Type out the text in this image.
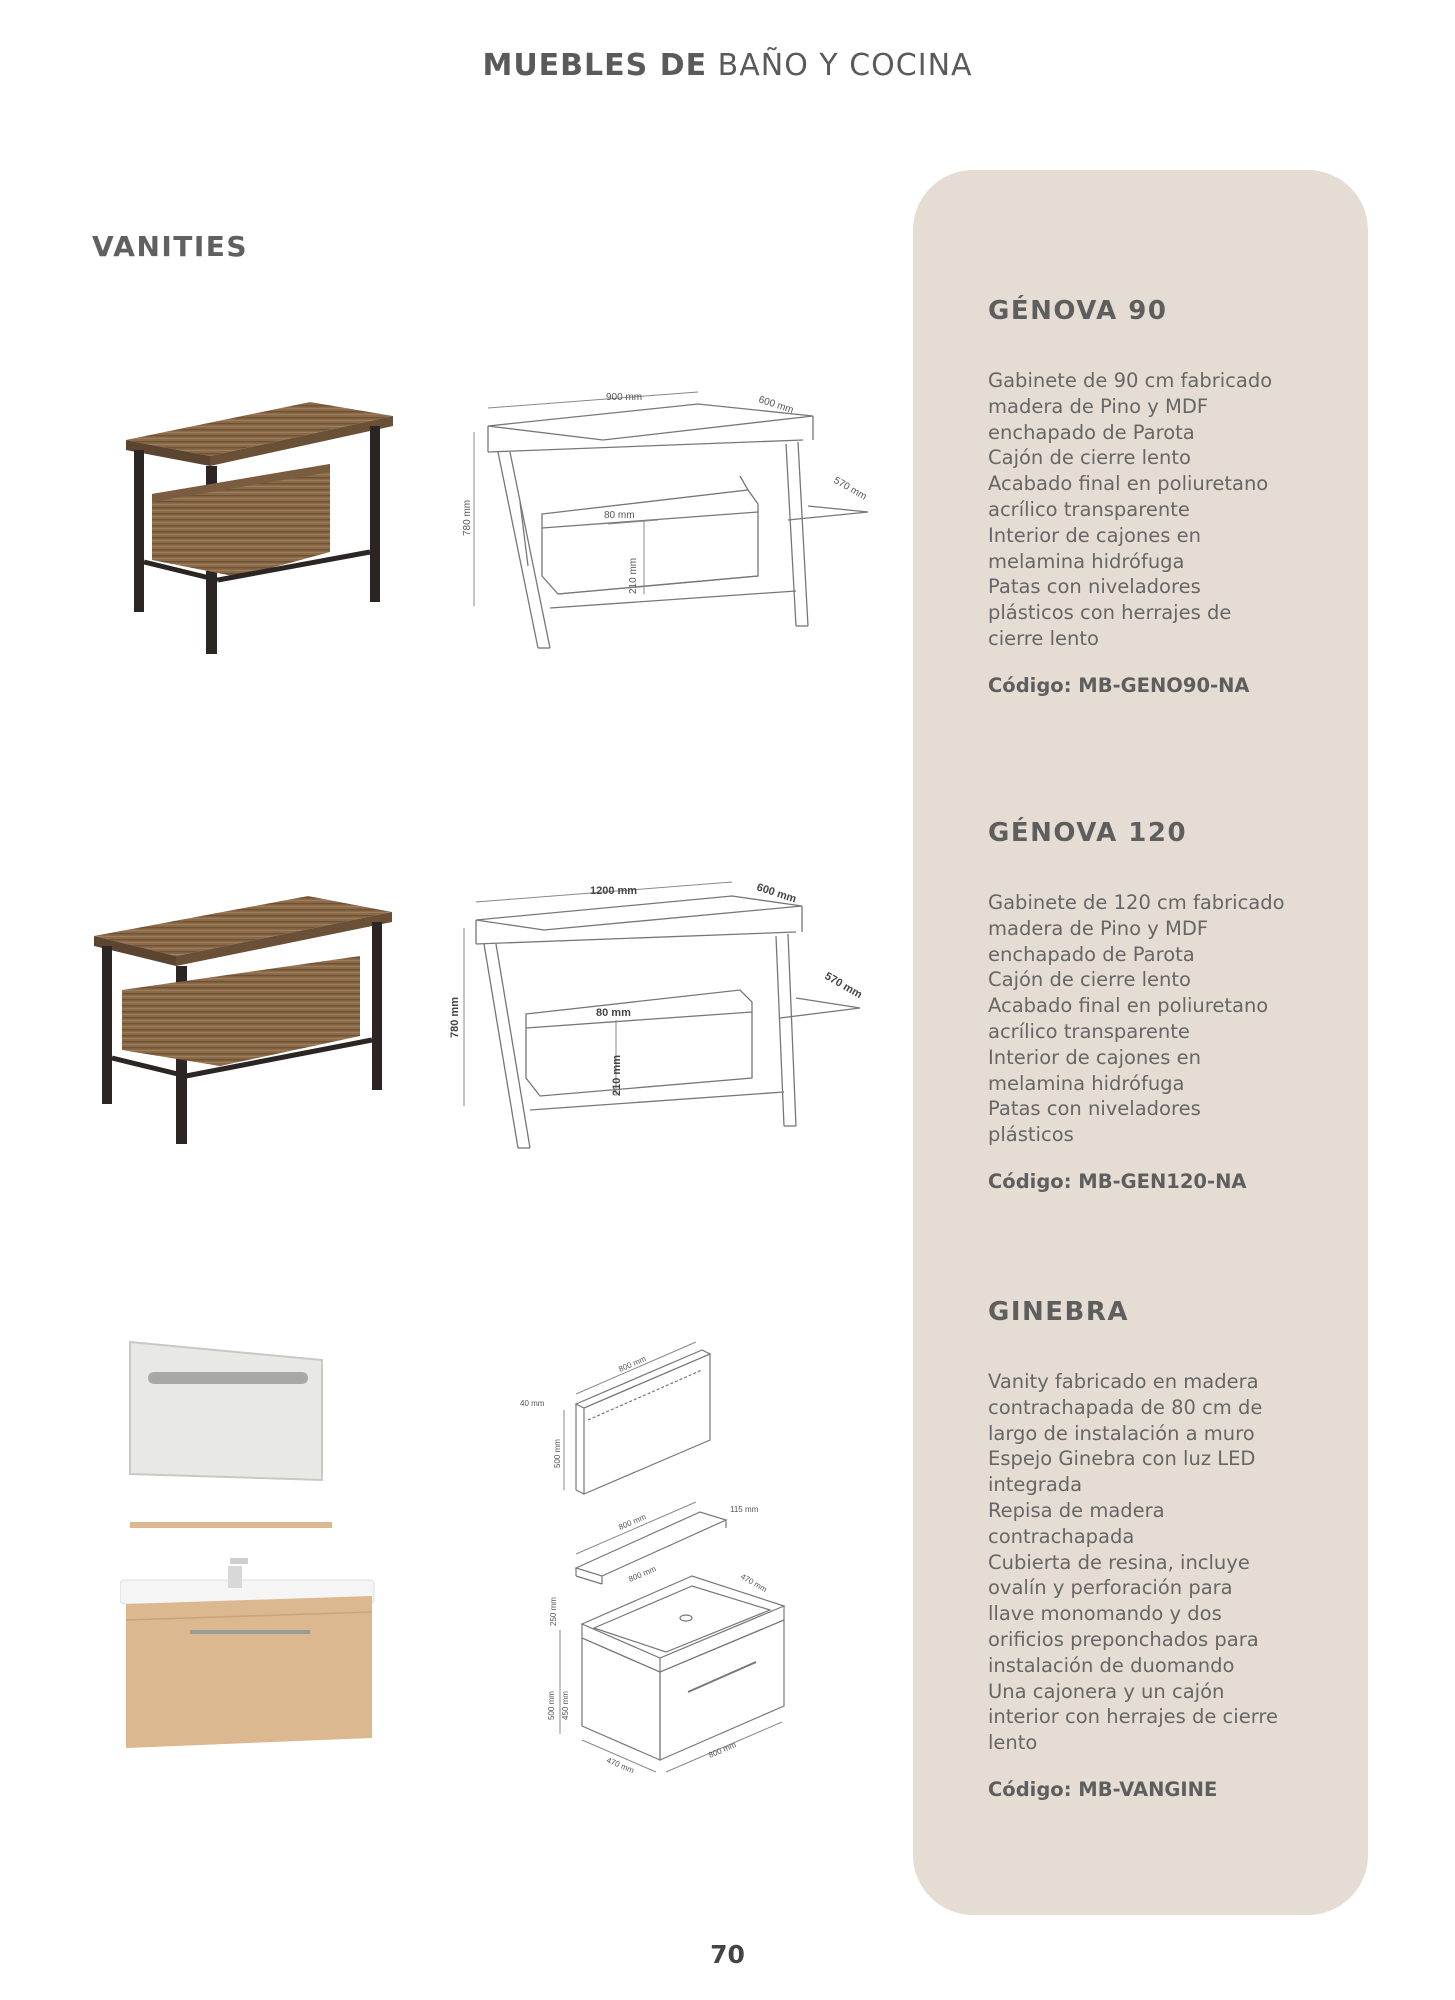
MUEBLES DE BAÑO Y COCINA
VANITIES
GÉNOVA 90
Gabinete de 90 cm fabricado
madera de Pino y MDF
enchapado de Parota
Cajón de cierre lento
Acabado final en poliuretano
acrílico transparente
Interior de cajones en
melamina hidrófuga
Patas con niveladores
plásticos con herrajes de
cierre lento
Código: MB-GENO90-NA
GÉNOVA 120
Gabinete de 120 cm fabricado
madera de Pino y MDF
enchapado de Parota
Cajón de cierre lento
Acabado final en poliuretano
acrílico transparente
Interior de cajones en
melamina hidrófuga
Patas con niveladores
plásticos
Código: MB-GEN120-NA
GINEBRA
Vanity fabricado en madera
contrachapada de 80 cm de
largo de instalación a muro
Espejo Ginebra con luz LED
integrada
Repisa de madera
contrachapada
Cubierta de resina, incluye
ovalín y perforación para
llave monomando y dos
orificios preponchados para
instalación de duomando
Una cajonera y un cajón
interior con herrajes de cierre
lento
Código: MB-VANGINE
900 mm	600 mm
570 mm
780 mm	80 mm
210 mm
1200 mm	600 mm
570 mm
780 mm	80 mm
210 mm
800 mm
40 mm
500 mm
800 mm
115 mm
800 mm	470 mm
250 mm
500 mm 450 mm
470 mm
800 mm
70
